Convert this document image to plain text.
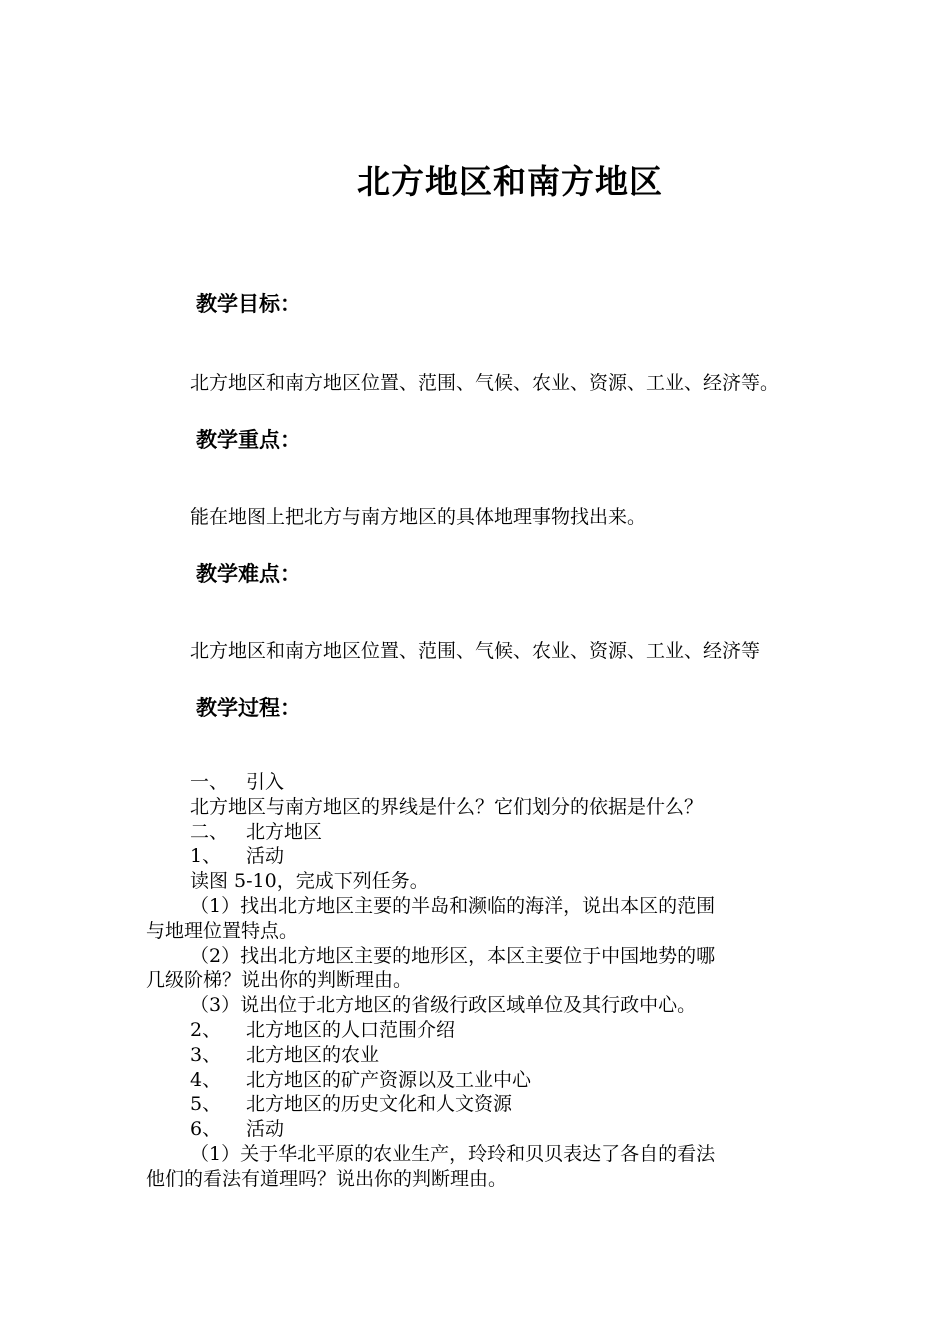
北方地区和南方地区
教学目标：
北方地区和南方地区位置、范围、气候、农业、资源、工业、经济等。
教学重点：
能在地图上把北方与南方地区的具体地理事物找出来。
教学难点：
北方地区和南方地区位置、范围、气候、农业、资源、工业、经济等
教学过程：
一、 引入
北方地区与南方地区的界线是什么？它们划分的依据是什么？
二、 北方地区
1、 活动
读图 5-10，完成下列任务。
（1）找出北方地区主要的半岛和濒临的海洋，说出本区的范围
与地理位置特点。
（2）找出北方地区主要的地形区，本区主要位于中国地势的哪
几级阶梯？说出你的判断理由。
（3）说出位于北方地区的省级行政区域单位及其行政中心。
2、 北方地区的人口范围介绍
3、 北方地区的农业
4、 北方地区的矿产资源以及工业中心
5、 北方地区的历史文化和人文资源
6、 活动
（1）关于华北平原的农业生产，玲玲和贝贝表达了各自的看法
他们的看法有道理吗？说出你的判断理由。
